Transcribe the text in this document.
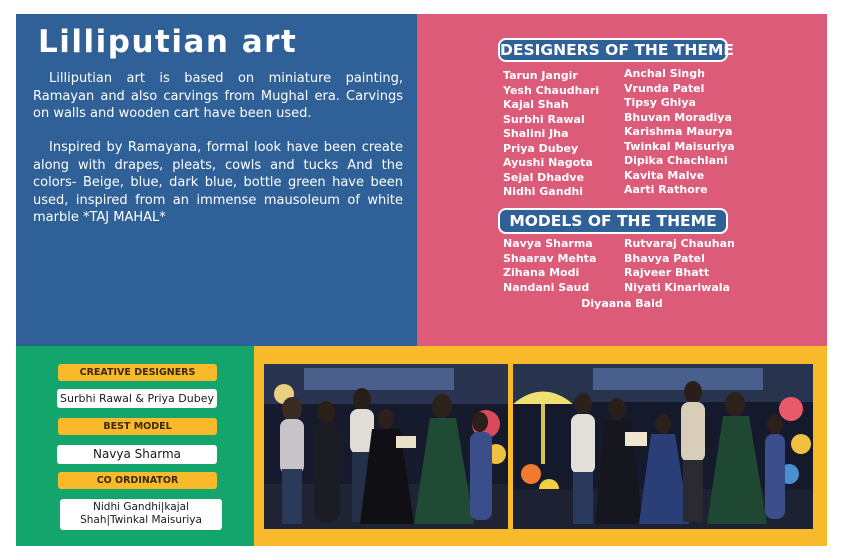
Lilliputian art

Lilliputian art is based on miniature painting, Ramayan and also carvings from Mughal era. Carvings on walls and wooden cart have been used.

Inspired by Ramayana, formal look have been create along with drapes, pleats, cowls and tucks And the colors- Beige, blue, dark blue, bottle green have been used, inspired from an immense mausoleum of white marble *TAJ MAHAL*

DESIGNERS OF THE THEME
Tarun Jangir
Yesh Chaudhari
Kajal Shah
Surbhi Rawal
Shalini Jha
Priya Dubey
Ayushi Nagota
Sejal Dhadve
Nidhi Gandhi
Anchal Singh
Vrunda Patel
Tipsy Ghiya
Bhuvan Moradiya
Karishma Maurya
Twinkal Maisuriya
Dipika Chachlani
Kavita Malve
Aarti Rathore
MODELS OF THE THEME
Navya Sharma
Shaarav Mehta
Zihana Modi
Nandani Saud
Rutvaraj Chauhan
Bhavya Patel
Rajveer Bhatt
Niyati Kinariwala
Diyaana Baid
CREATIVE DESIGNERS
Surbhi Rawal & Priya Dubey
BEST MODEL
Navya Sharma
CO ORDINATOR
Nidhi Gandhi|kajal Shah|Twinkal Maisuriya
